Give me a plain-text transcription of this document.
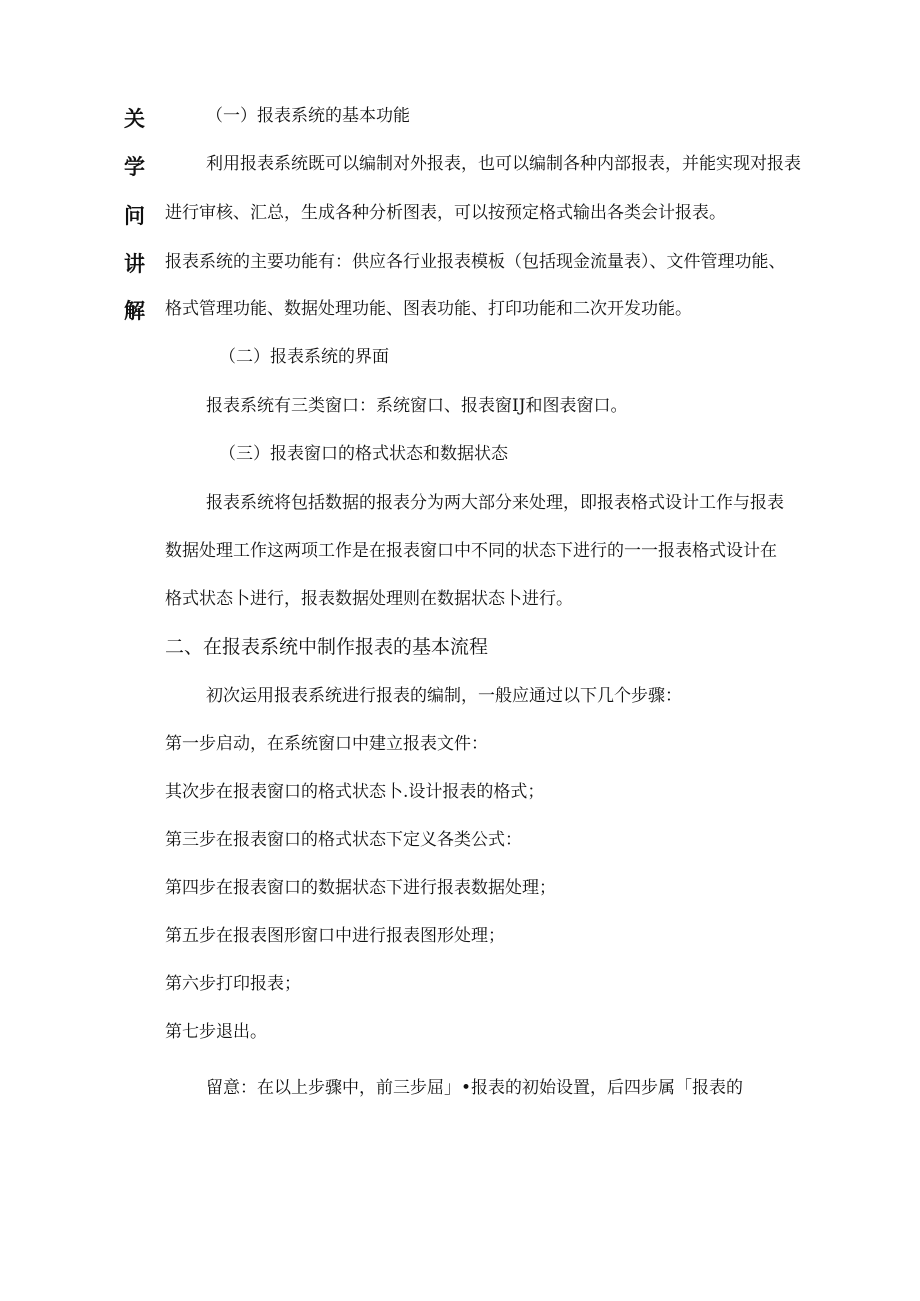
关
学
问
讲
解
（一）报表系统的基本功能
利用报表系统既可以编制对外报表，也可以编制各种内部报表，并能实现对报表
进行审核、汇总，生成各种分析图表，可以按预定格式输出各类会计报表。
报表系统的主要功能有：供应各行业报表模板（包括现金流量表）、文件管理功能、
格式管理功能、数据处理功能、图表功能、打印功能和二次开发功能。
（二）报表系统的界面
报表系统有三类窗口：系统窗口、报表窗IJ和图表窗口。
（三）报表窗口的格式状态和数据状态
报表系统将包括数据的报表分为两大部分来处理，即报表格式设计工作与报表
数据处理工作这两项工作是在报表窗口中不同的状态下进行的一一报表格式设计在
格式状态卜进行，报表数据处理则在数据状态卜进行。
二、在报表系统中制作报表的基本流程
初次运用报表系统进行报表的编制，一般应通过以下几个步骤：
第一步启动，在系统窗口中建立报表文件：
其次步在报表窗口的格式状态卜.设计报表的格式；
第三步在报表窗口的格式状态下定义各类公式：
第四步在报表窗口的数据状态下进行报表数据处理；
第五步在报表图形窗口中进行报表图形处理；
第六步打印报表；
第七步退出。
留意：在以上步骤中，前三步屈」•报表的初始设置，后四步属「报表的
